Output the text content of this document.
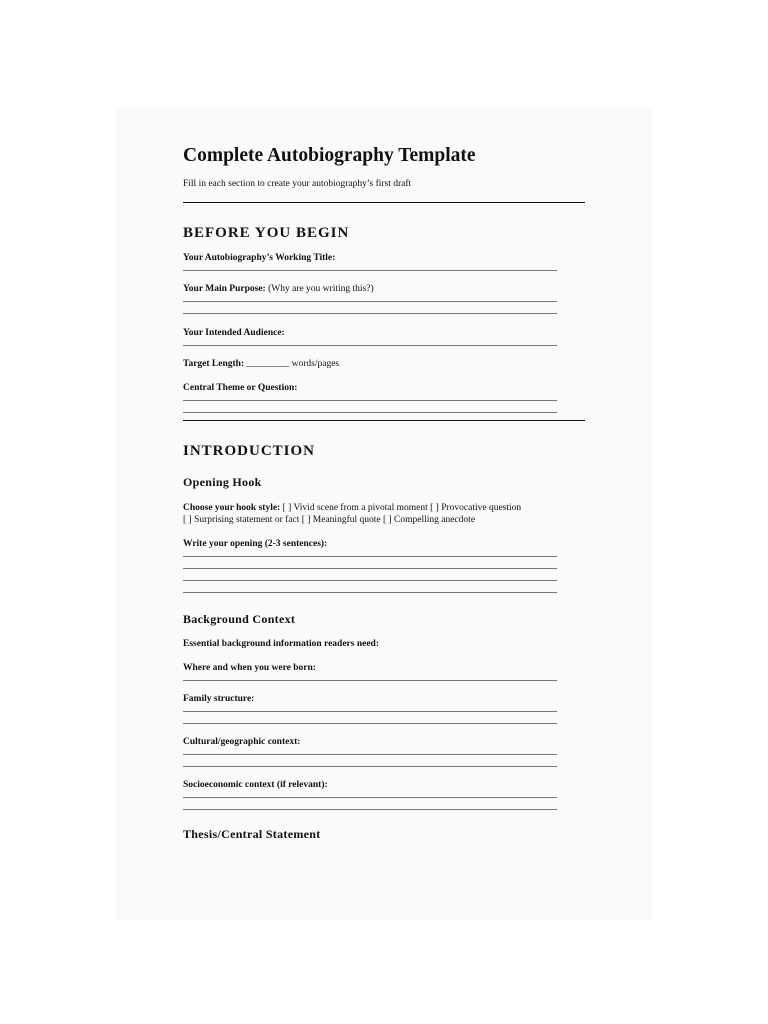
Complete Autobiography Template
Fill in each section to create your autobiography’s first draft
BEFORE YOU BEGIN
Your Autobiography’s Working Title:
Your Main Purpose: (Why are you writing this?)
Your Intended Audience:
Target Length: _________ words/pages
Central Theme or Question:
INTRODUCTION
Opening Hook
Choose your hook style: [ ] Vivid scene from a pivotal moment [ ] Provocative question
[ ] Surprising statement or fact [ ] Meaningful quote [ ] Compelling anecdote
Write your opening (2-3 sentences):
Background Context
Essential background information readers need:
Where and when you were born:
Family structure:
Cultural/geographic context:
Socioeconomic context (if relevant):
Thesis/Central Statement
